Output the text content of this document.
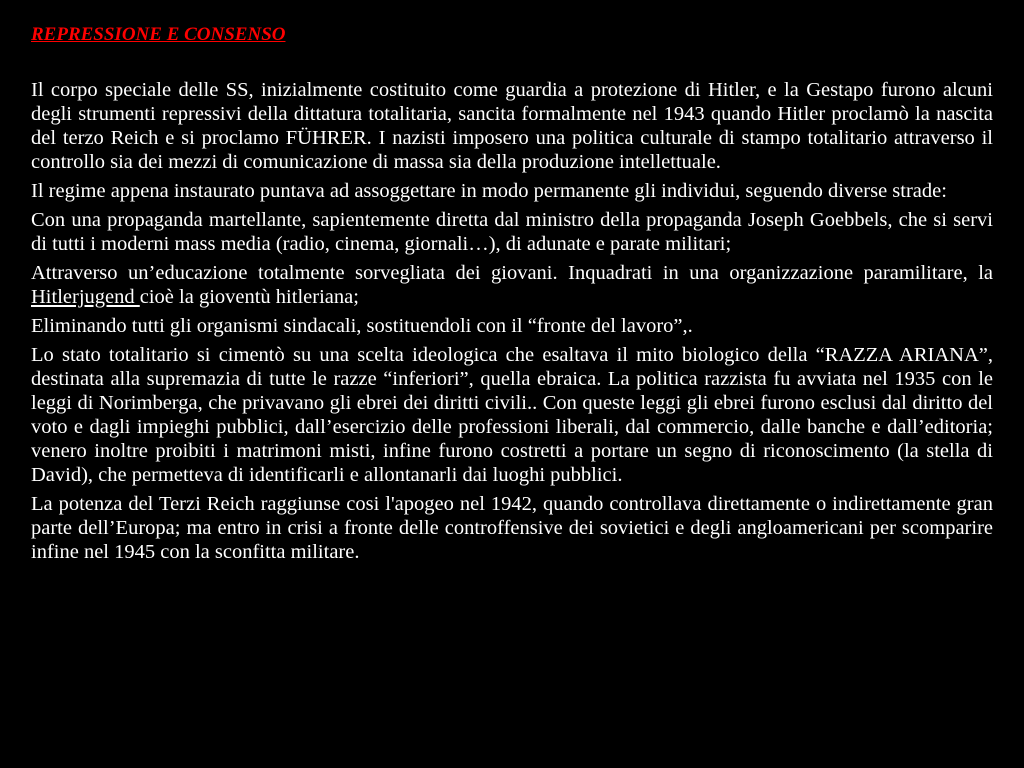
REPRESSIONE E CONSENSO

Il corpo speciale delle SS, inizialmente costituito come guardia a protezione di Hitler, e la Gestapo furono alcuni degli strumenti repressivi della dittatura totalitaria, sancita formalmente nel 1943 quando Hitler proclamò la nascita del terzo Reich e si proclamo FÜHRER. I nazisti imposero una politica culturale di stampo totalitario attraverso il controllo sia dei mezzi di comunicazione di massa sia della produzione intellettuale.

Il regime appena instaurato puntava ad assoggettare in modo permanente gli individui, seguendo diverse strade:

Con una propaganda martellante, sapientemente diretta dal ministro della propaganda Joseph Goebbels, che si servi di tutti i moderni mass media (radio, cinema, giornali…), di adunate e parate militari;

Attraverso un’educazione totalmente sorvegliata dei giovani. Inquadrati in una organizzazione paramilitare, la Hitlerjugend cioè la gioventù hitleriana;

Eliminando tutti gli organismi sindacali, sostituendoli con il “fronte del lavoro”,.

Lo stato totalitario si cimentò su una scelta ideologica che esaltava il mito biologico della “RAZZA ARIANA”, destinata alla supremazia di tutte le razze “inferiori”, quella ebraica. La politica razzista fu avviata nel 1935 con le leggi di Norimberga, che privavano gli ebrei dei diritti civili.. Con queste leggi gli ebrei furono esclusi dal diritto del voto e dagli impieghi pubblici, dall’esercizio delle professioni liberali, dal commercio, dalle banche e dall’editoria; venero inoltre proibiti i matrimoni misti, infine furono costretti a portare un segno di riconoscimento (la stella di David), che permetteva di identificarli e allontanarli dai luoghi pubblici.

La potenza del Terzi Reich raggiunse cosi l'apogeo nel 1942, quando controllava direttamente o indirettamente gran parte dell’Europa; ma entro in crisi a fronte delle controffensive dei sovietici e degli angloamericani per scomparire infine nel 1945 con la sconfitta militare.
